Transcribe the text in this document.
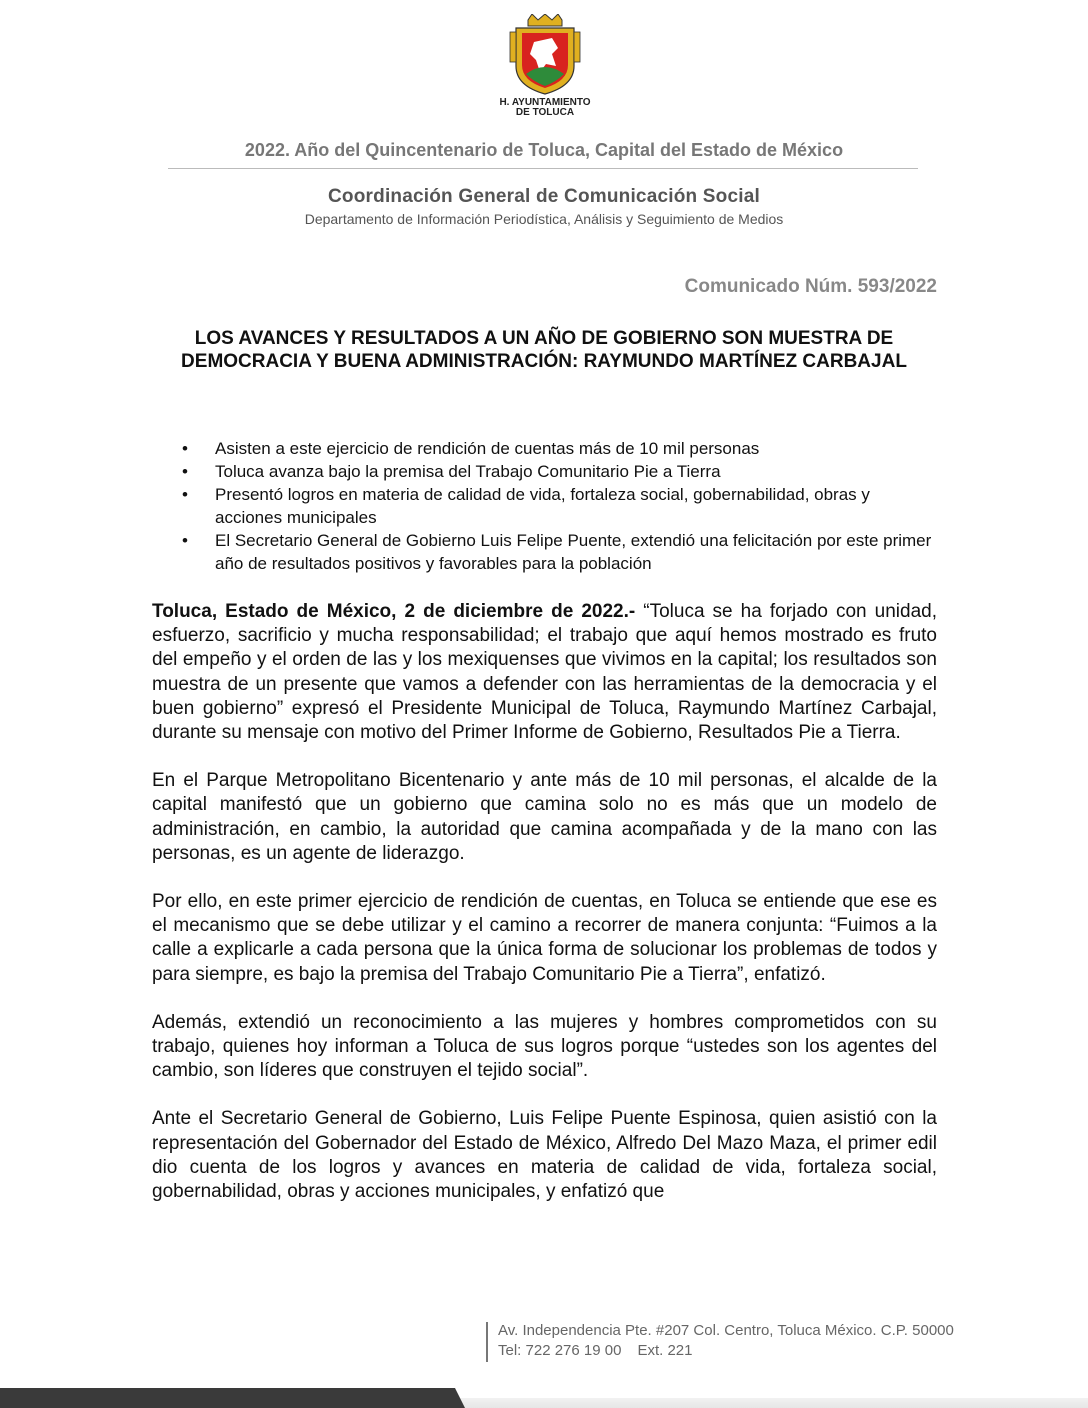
H. AYUNTAMIENTO
DE TOLUCA
2022. Año del Quincentenario de Toluca, Capital del Estado de México
Coordinación General de Comunicación Social
Departamento de Información Periodística, Análisis y Seguimiento de Medios
Comunicado Núm. 593/2022
LOS AVANCES Y RESULTADOS A UN AÑO DE GOBIERNO SON MUESTRA DE DEMOCRACIA Y BUENA ADMINISTRACIÓN: RAYMUNDO MARTÍNEZ CARBAJAL
• Asisten a este ejercicio de rendición de cuentas más de 10 mil personas
• Toluca avanza bajo la premisa del Trabajo Comunitario Pie a Tierra
• Presentó logros en materia de calidad de vida, fortaleza social, gobernabilidad, obras y acciones municipales
• El Secretario General de Gobierno Luis Felipe Puente, extendió una felicitación por este primer año de resultados positivos y favorables para la población

Toluca, Estado de México, 2 de diciembre de 2022.- “Toluca se ha forjado con unidad, esfuerzo, sacrificio y mucha responsabilidad; el trabajo que aquí hemos mostrado es fruto del empeño y el orden de las y los mexiquenses que vivimos en la capital; los resultados son muestra de un presente que vamos a defender con las herramientas de la democracia y el buen gobierno” expresó el Presidente Municipal de Toluca, Raymundo Martínez Carbajal, durante su mensaje con motivo del Primer Informe de Gobierno, Resultados Pie a Tierra.

En el Parque Metropolitano Bicentenario y ante más de 10 mil personas, el alcalde de la capital manifestó que un gobierno que camina solo no es más que un modelo de administración, en cambio, la autoridad que camina acompañada y de la mano con las personas, es un agente de liderazgo.

Por ello, en este primer ejercicio de rendición de cuentas, en Toluca se entiende que ese es el mecanismo que se debe utilizar y el camino a recorrer de manera conjunta: “Fuimos a la calle a explicarle a cada persona que la única forma de solucionar los problemas de todos y para siempre, es bajo la premisa del Trabajo Comunitario Pie a Tierra”, enfatizó.

Además, extendió un reconocimiento a las mujeres y hombres comprometidos con su trabajo, quienes hoy informan a Toluca de sus logros porque “ustedes son los agentes del cambio, son líderes que construyen el tejido social”.

Ante el Secretario General de Gobierno, Luis Felipe Puente Espinosa, quien asistió con la representación del Gobernador del Estado de México, Alfredo Del Mazo Maza, el primer edil dio cuenta de los logros y avances en materia de calidad de vida, fortaleza social, gobernabilidad, obras y acciones municipales, y enfatizó que

Av. Independencia Pte. #207 Col. Centro, Toluca México. C.P. 50000
Tel: 722 276 19 00 Ext. 221
